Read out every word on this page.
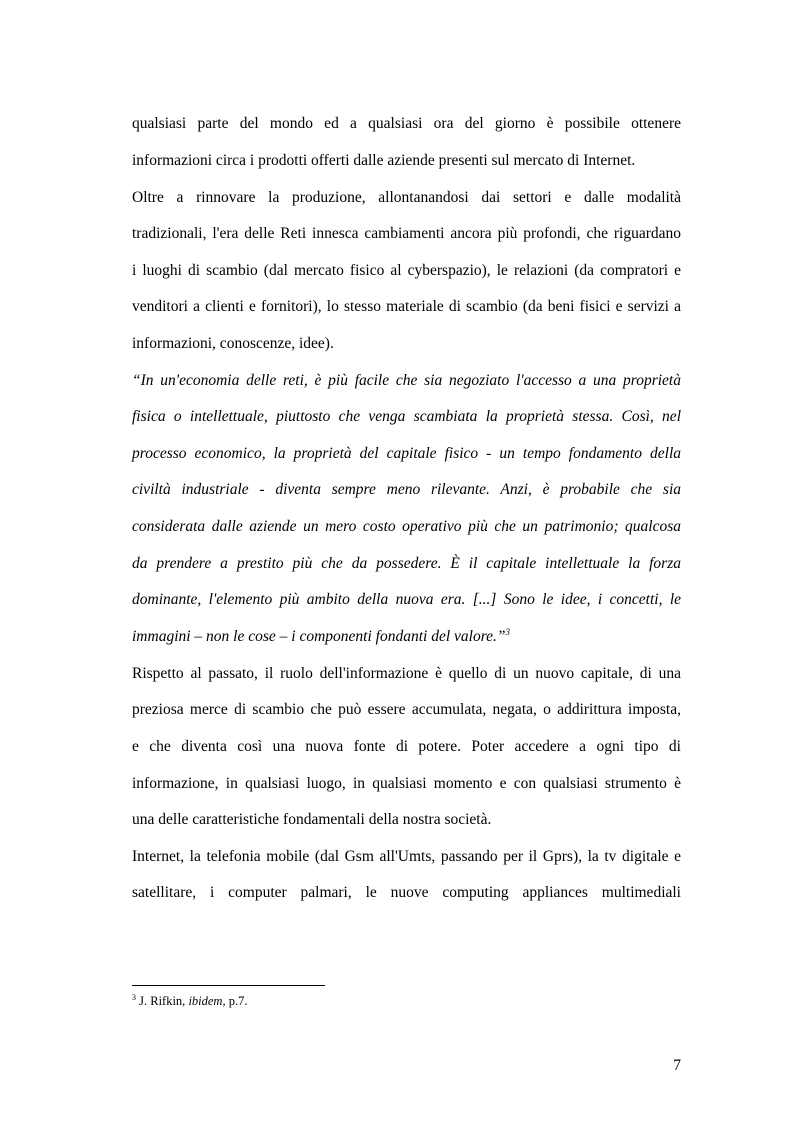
qualsiasi parte del mondo ed a qualsiasi ora del giorno è possibile ottenere
informazioni circa i prodotti offerti dalle aziende presenti sul mercato di Internet.
Oltre a rinnovare la produzione, allontanandosi dai settori e dalle modalità
tradizionali, l'era delle Reti innesca cambiamenti ancora più profondi, che riguardano
i luoghi di scambio (dal mercato fisico al cyberspazio), le relazioni (da compratori e
venditori a clienti e fornitori), lo stesso materiale di scambio (da beni fisici e servizi a
informazioni, conoscenze, idee).
“In un'economia delle reti, è più facile che sia negoziato l'accesso a una proprietà
fisica o intellettuale, piuttosto che venga scambiata la proprietà stessa. Così, nel
processo economico, la proprietà del capitale fisico - un tempo fondamento della
civiltà industriale - diventa sempre meno rilevante. Anzi, è probabile che sia
considerata dalle aziende un mero costo operativo più che un patrimonio; qualcosa
da prendere a prestito più che da possedere. È il capitale intellettuale la forza
dominante, l'elemento più ambito della nuova era. [...] Sono le idee, i concetti, le
immagini – non le cose – i componenti fondanti del valore.”$^3$
Rispetto al passato, il ruolo dell'informazione è quello di un nuovo capitale, di una
preziosa merce di scambio che può essere accumulata, negata, o addirittura imposta,
e che diventa così una nuova fonte di potere. Poter accedere a ogni tipo di
informazione, in qualsiasi luogo, in qualsiasi momento e con qualsiasi strumento è
una delle caratteristiche fondamentali della nostra società.
Internet, la telefonia mobile (dal Gsm all'Umts, passando per il Gprs), la tv digitale e
satellitare, i computer palmari, le nuove computing appliances multimediali
$^3$ J. Rifkin, ibidem, p.7.
7
